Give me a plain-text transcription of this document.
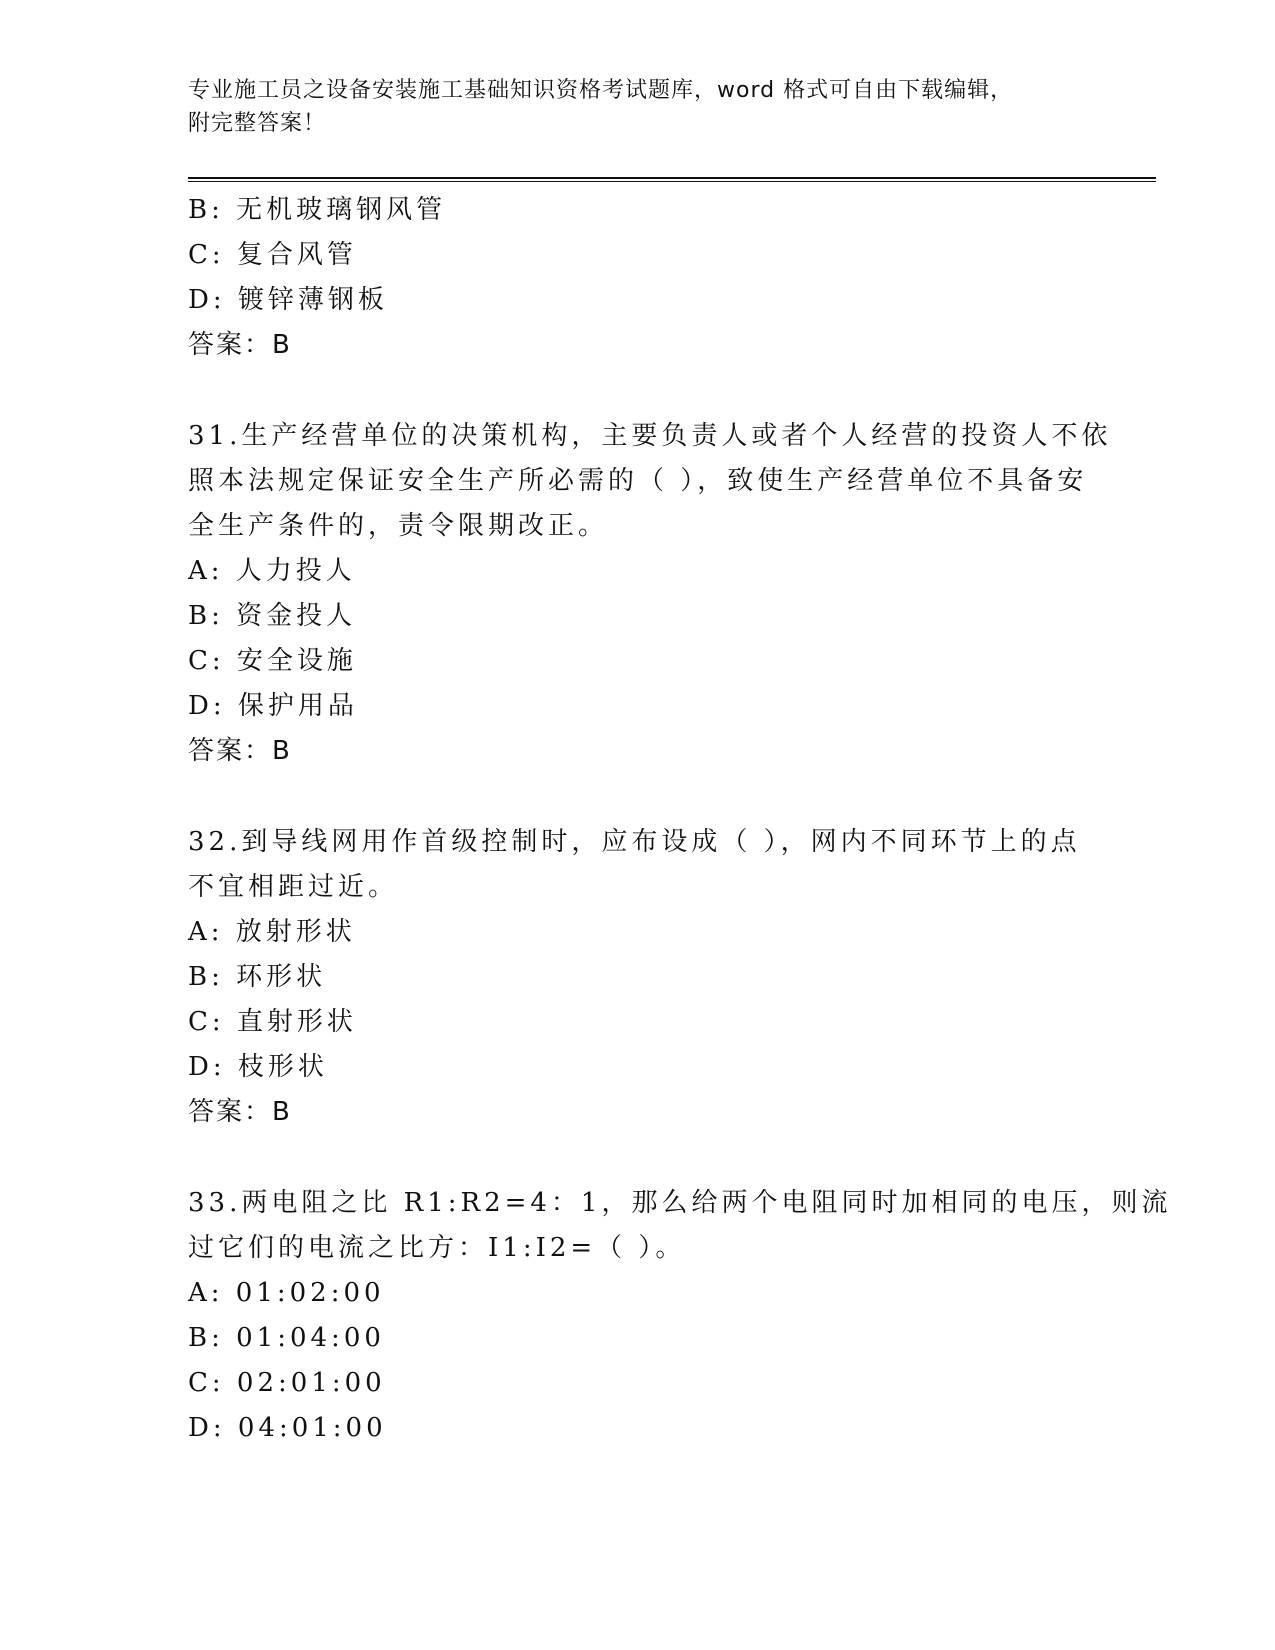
专业施工员之设备安装施工基础知识资格考试题库，word 格式可自由下载编辑，
附完整答案！
B: 无机玻璃钢风管
C: 复合风管
D: 镀锌薄钢板
答案：B
31.生产经营单位的决策机构，主要负责人或者个人经营的投资人不依
照本法规定保证安全生产所必需的（ ），致使生产经营单位不具备安
全生产条件的，责令限期改正。
A: 人力投人
B: 资金投人
C: 安全设施
D: 保护用品
答案：B
32.到导线网用作首级控制时，应布设成（ ），网内不同环节上的点
不宜相距过近。
A: 放射形状
B: 环形状
C: 直射形状
D: 枝形状
答案：B
33.两电阻之比 R1:R2=4：1，那么给两个电阻同时加相同的电压，则流
过它们的电流之比方：I1:I2=（ ）。
A: 01:02:00
B: 01:04:00
C: 02:01:00
D: 04:01:00
